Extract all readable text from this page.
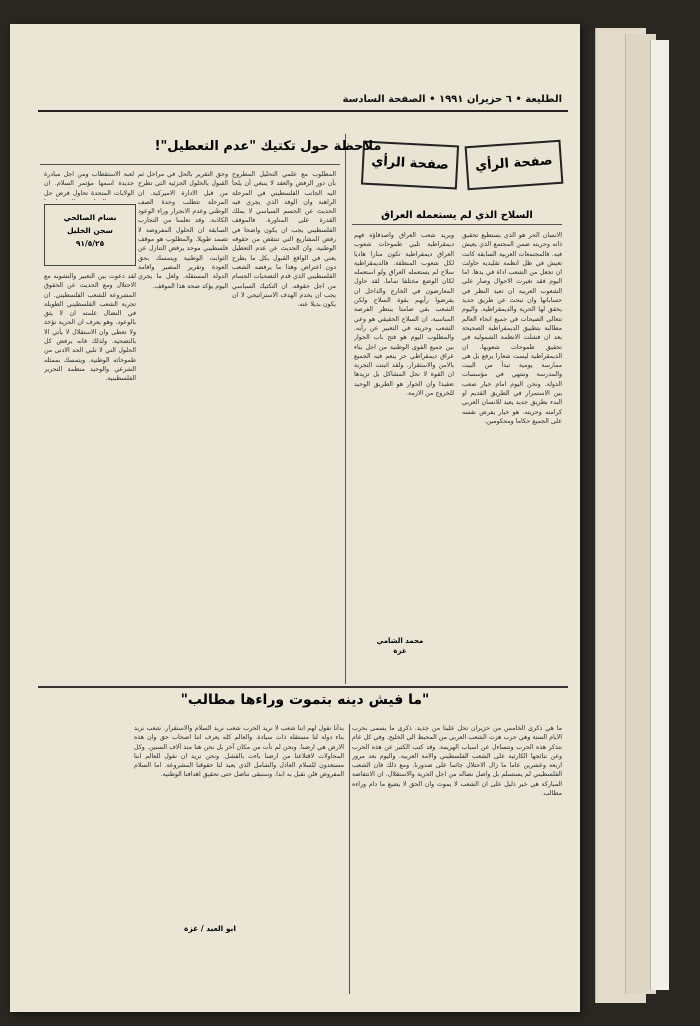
الطليعة • ٦ حزيران ١٩٩١ • الصفحة السادسة
صفحة الرأي
صفحة الرأي
السلاح الذي لم يستعمله العراق
الانسان الحر هو الذي يستطيع تحقيق ذاته وحريته ضمن المجتمع الذي يعيش فيه. فالمجتمعات العربية السابقة كانت تعيش في ظل انظمة تقليدية حاولت ان تجعل من الشعب اداة في يدها. اما اليوم فقد تغيرت الاحوال وصار على الشعوب العربية ان تعيد النظر في حساباتها وان تبحث عن طريق جديد يحقق لها الحرية والديمقراطية. واليوم تتعالى الصيحات في جميع انحاء العالم مطالبة بتطبيق الديمقراطية الصحيحة بعد ان فشلت الانظمة الشمولية في تحقيق طموحات شعوبها. ان الديمقراطية ليست شعارا يرفع بل هي ممارسة يومية تبدأ من البيت والمدرسة وتنتهي في مؤسسات الدولة. ونحن اليوم امام خيار صعب بين الاستمرار في الطريق القديم او البدء بطريق جديد يعيد للانسان العربي كرامته وحريته. هو خيار يفرض نفسه على الجميع حكاما ومحكومين.
ويريد شعب العراق واصدقاؤه فهم ديمقراطية تلبي طموحات شعوب العراق ديمقراطية تكون منارا هاديا لكل شعوب المنطقة. فالديمقراطية سلاح لم يستعمله العراق ولو استعمله لكان الوضع مختلفا تماما. لقد حاول المعارضون في الخارج والداخل ان يفرضوا رأيهم بقوة السلاح ولكن الشعب بقي صامتا ينتظر الفرصة المناسبة. ان السلاح الحقيقي هو وعي الشعب وحريته في التعبير عن رأيه. والمطلوب اليوم هو فتح باب الحوار بين جميع القوى الوطنية من اجل بناء عراق ديمقراطي حر ينعم فيه الجميع بالامن والاستقرار. ولقد اثبتت التجربة ان القوة لا تحل المشاكل بل تزيدها تعقيدا وان الحوار هو الطريق الوحيد للخروج من الازمة.
محمد الشامي
غزة
ملاحظة حول تكتيك "عدم التعطيل"!
المطلوب مع علمي التحليل المطروح بأن دور الرفض والعقد لا ينبغي أن يلجأ اليه الجانب الفلسطيني في المرحلة الراهنة وان الوفد الذي يجري فيه الحديث عن الحسم السياسي لا يملك القدرة على المناورة. فالموقف الفلسطيني يجب ان يكون واضحا في رفض المشاريع التي تنتقص من حقوقه الوطنية. وان الحديث عن عدم التعطيل يعني في الواقع القبول بكل ما يطرح دون اعتراض وهذا ما يرفضه الشعب الفلسطيني الذي قدم التضحيات الجسام من اجل حقوقه. ان التكتيك السياسي يجب ان يخدم الهدف الاستراتيجي لا ان يكون بديلا عنه.
وحق التقرير بالحل في مراحل ثم القبول بالحلول الجزئية التي تطرح من قبل الادارة الاميركية. ان المرحلة تتطلب وحدة الصف الوطني وعدم الانجرار وراء الوعود الكاذبة. وقد تعلمنا من التجارب السابقة ان الحلول المفروضة لا تصمد طويلا. والمطلوب هو موقف فلسطيني موحد يرفض التنازل عن الثوابت الوطنية ويتمسك بحق العودة وتقرير المصير واقامة الدولة المستقلة. ولعل ما يجري اليوم يؤكد صحة هذا الموقف.
لعبة الاستقطاب ومن اجل مبادرة جديدة اسمها مؤتمر السلام. ان الولايات المتحدة تحاول فرض حل
بسام الصالحي
سجن الخليل
٩١/٥/٢٥
لقد دعوت بين التعبير والتشويه مع الاحتلال ومع الحديث عن الحقوق المشروعة للشعب الفلسطيني. ان تجربة الشعب الفلسطيني الطويلة في النضال علمته ان لا يثق بالوعود. وهو يعرف ان الحرية تؤخذ ولا تعطى وان الاستقلال لا يأتي الا بالتضحية. ولذلك فانه يرفض كل الحلول التي لا تلبي الحد الادنى من طموحاته الوطنية. ويتمسك بممثله الشرعي والوحيد منظمة التحرير الفلسطينية.
"ما فيش دينه بتموت وراءها مطالب"
ما هي ذكرى الخامس من حزيران تحل علينا من جديد. ذكرى ما يسمى بحرب الايام الستة وهي حرب هزت الشعب العربي من المحيط الى الخليج. وفي كل عام نتذكر هذه الحرب ونتساءل عن اسباب الهزيمة. وقد كتب الكثير عن هذه الحرب وعن نتائجها الكارثية على الشعب الفلسطيني والامة العربية. واليوم بعد مرور اربعة وعشرين عاما ما زال الاحتلال جاثما على صدورنا. ومع ذلك فان الشعب الفلسطيني لم يستسلم بل واصل نضاله من اجل الحرية والاستقلال. ان الانتفاضة المباركة هي خير دليل على ان الشعب لا يموت وان الحق لا يضيع ما دام وراءه مطالب.
بدأنا نقول لهم اننا شعب لا نريد الحرب شعب نريد السلام والاستقرار. شعب نريد بناء دولة لنا مستقلة ذات سيادة. والعالم كله يعرف اننا اصحاب حق وان هذه الارض هي ارضنا. ونحن لم نأت من مكان آخر بل نحن هنا منذ آلاف السنين. وكل المحاولات لاقتلاعنا من ارضنا باءت بالفشل. ونحن نريد ان نقول للعالم اننا مستعدون للسلام العادل والشامل الذي يعيد لنا حقوقنا المشروعة. اما السلام المفروض فلن نقبل به ابدا. وسنبقى نناضل حتى تحقيق اهدافنا الوطنية.
ابو العبد / غزة
